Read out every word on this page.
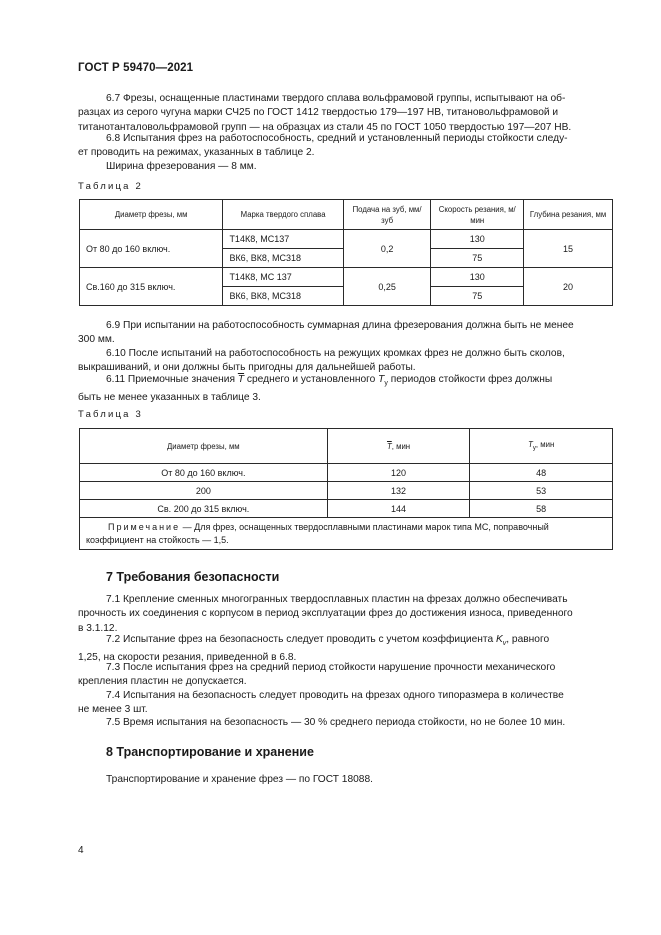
ГОСТ Р 59470—2021
6.7 Фрезы, оснащенные пластинами твердого сплава вольфрамовой группы, испытывают на об-
разцах из серого чугуна марки СЧ25 по ГОСТ 1412 твердостью 179—197 НВ, титановольфрамовой и
титанотанталовольфрамовой групп — на образцах из стали 45 по ГОСТ 1050 твердостью 197—207 НВ.
6.8 Испытания фрез на работоспособность, средний и установленный периоды стойкости следу-
ет проводить на режимах, указанных в таблице 2.
Ширина фрезерования — 8 мм.
Таблица 2
Диаметр фрезы, мм	Марка твердого сплава	Подача на зуб, мм/зуб	Скорость резания, м/мин	Глубина резания, мм
От 80 до 160 включ.	Т14К8, МС137	0,2	130	15
	ВК6, ВК8, МС318		75	
Св.160 до 315 включ.	Т14К8, МС 137	0,25	130	20
	ВК6, ВК8, МС318		75	
6.9 При испытании на работоспособность суммарная длина фрезерования должна быть не менее
300 мм.
6.10 После испытаний на работоспособность на режущих кромках фрез не должно быть сколов,
выкрашиваний, и они должны быть пригодны для дальнейшей работы.
6.11 Приемочные значения $\overline{T}$ среднего и установленного $T_у$ периодов стойкости фрез должны
быть не менее указанных в таблице 3.
Таблица 3
Диаметр фрезы, мм	$\overline{T}$, мин	$T_у$, мин
От 80 до 160 включ.	120	48
200	132	53
Св. 200 до 315 включ.	144	58
Примечание — Для фрез, оснащенных твердосплавными пластинами марок типа МС, поправочный
коэффициент на стойкость — 1,5.		
7 Требования безопасности
7.1 Крепление сменных многогранных твердосплавных пластин на фрезах должно обеспечивать
прочность их соединения с корпусом в период эксплуатации фрез до достижения износа, приведенного
в 3.1.12.
7.2 Испытание фрез на безопасность следует проводить с учетом коэффициента $K_v$, равного
1,25, на скорости резания, приведенной в 6.8.
7.3 После испытания фрез на средний период стойкости нарушение прочности механического
крепления пластин не допускается.
7.4 Испытания на безопасность следует проводить на фрезах одного типоразмера в количестве
не менее 3 шт.
7.5 Время испытания на безопасность — 30 % среднего периода стойкости, но не более 10 мин.
8 Транспортирование и хранение
Транспортирование и хранение фрез — по ГОСТ 18088.
4
